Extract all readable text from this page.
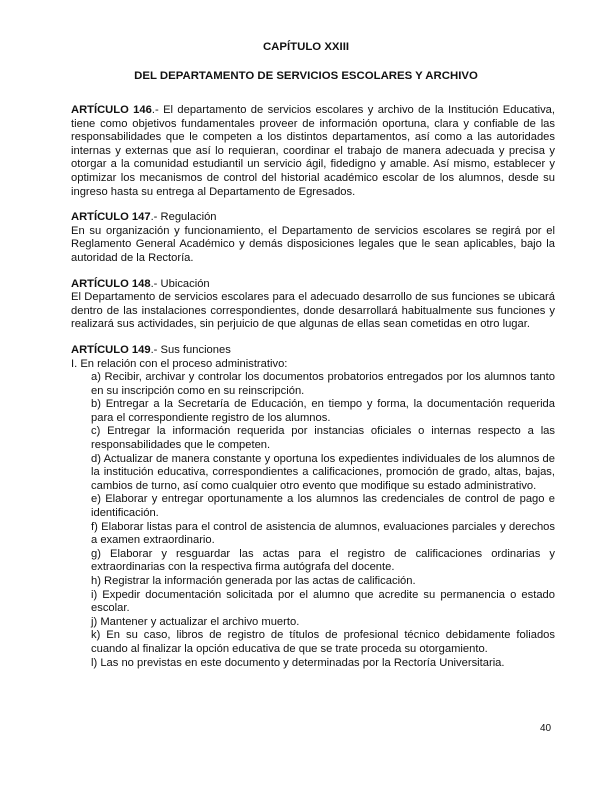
CAPÍTULO XXIII
DEL DEPARTAMENTO DE SERVICIOS ESCOLARES Y ARCHIVO

ARTÍCULO 146.- El departamento de servicios escolares y archivo de la Institución Educativa, tiene como objetivos fundamentales proveer de información oportuna, clara y confiable de las responsabilidades que le competen a los distintos departamentos, así como a las autoridades internas y externas que así lo requieran, coordinar el trabajo de manera adecuada y precisa y otorgar a la comunidad estudiantil un servicio ágil, fidedigno y amable. Así mismo, establecer y optimizar los mecanismos de control del historial académico escolar de los alumnos, desde su ingreso hasta su entrega al Departamento de Egresados.

ARTÍCULO 147.- Regulación

En su organización y funcionamiento, el Departamento de servicios escolares se regirá por el Reglamento General Académico y demás disposiciones legales que le sean aplicables, bajo la autoridad de la Rectoría.

ARTÍCULO 148.- Ubicación

El Departamento de servicios escolares para el adecuado desarrollo de sus funciones se ubicará dentro de las instalaciones correspondientes, donde desarrollará habitualmente sus funciones y realizará sus actividades, sin perjuicio de que algunas de ellas sean cometidas en otro lugar.

ARTÍCULO 149.- Sus funciones

I. En relación con el proceso administrativo:

a) Recibir, archivar y controlar los documentos probatorios entregados por los alumnos tanto en su inscripción como en su reinscripción.
b) Entregar a la Secretaría de Educación, en tiempo y forma, la documentación requerida para el correspondiente registro de los alumnos.
c) Entregar la información requerida por instancias oficiales o internas respecto a las responsabilidades que le competen.
d) Actualizar de manera constante y oportuna los expedientes individuales de los alumnos de la institución educativa, correspondientes a calificaciones, promoción de grado, altas, bajas, cambios de turno, así como cualquier otro evento que modifique su estado administrativo.
e) Elaborar y entregar oportunamente a los alumnos las credenciales de control de pago e identificación.
f) Elaborar listas para el control de asistencia de alumnos, evaluaciones parciales y derechos a examen extraordinario.
g) Elaborar y resguardar las actas para el registro de calificaciones ordinarias y extraordinarias con la respectiva firma autógrafa del docente.
h) Registrar la información generada por las actas de calificación.
i) Expedir documentación solicitada por el alumno que acredite su permanencia o estado escolar.
j) Mantener y actualizar el archivo muerto.
k) En su caso, libros de registro de títulos de profesional técnico debidamente foliados cuando al finalizar la opción educativa de que se trate proceda su otorgamiento.
l) Las no previstas en este documento y determinadas por la Rectoría Universitaria.

40
